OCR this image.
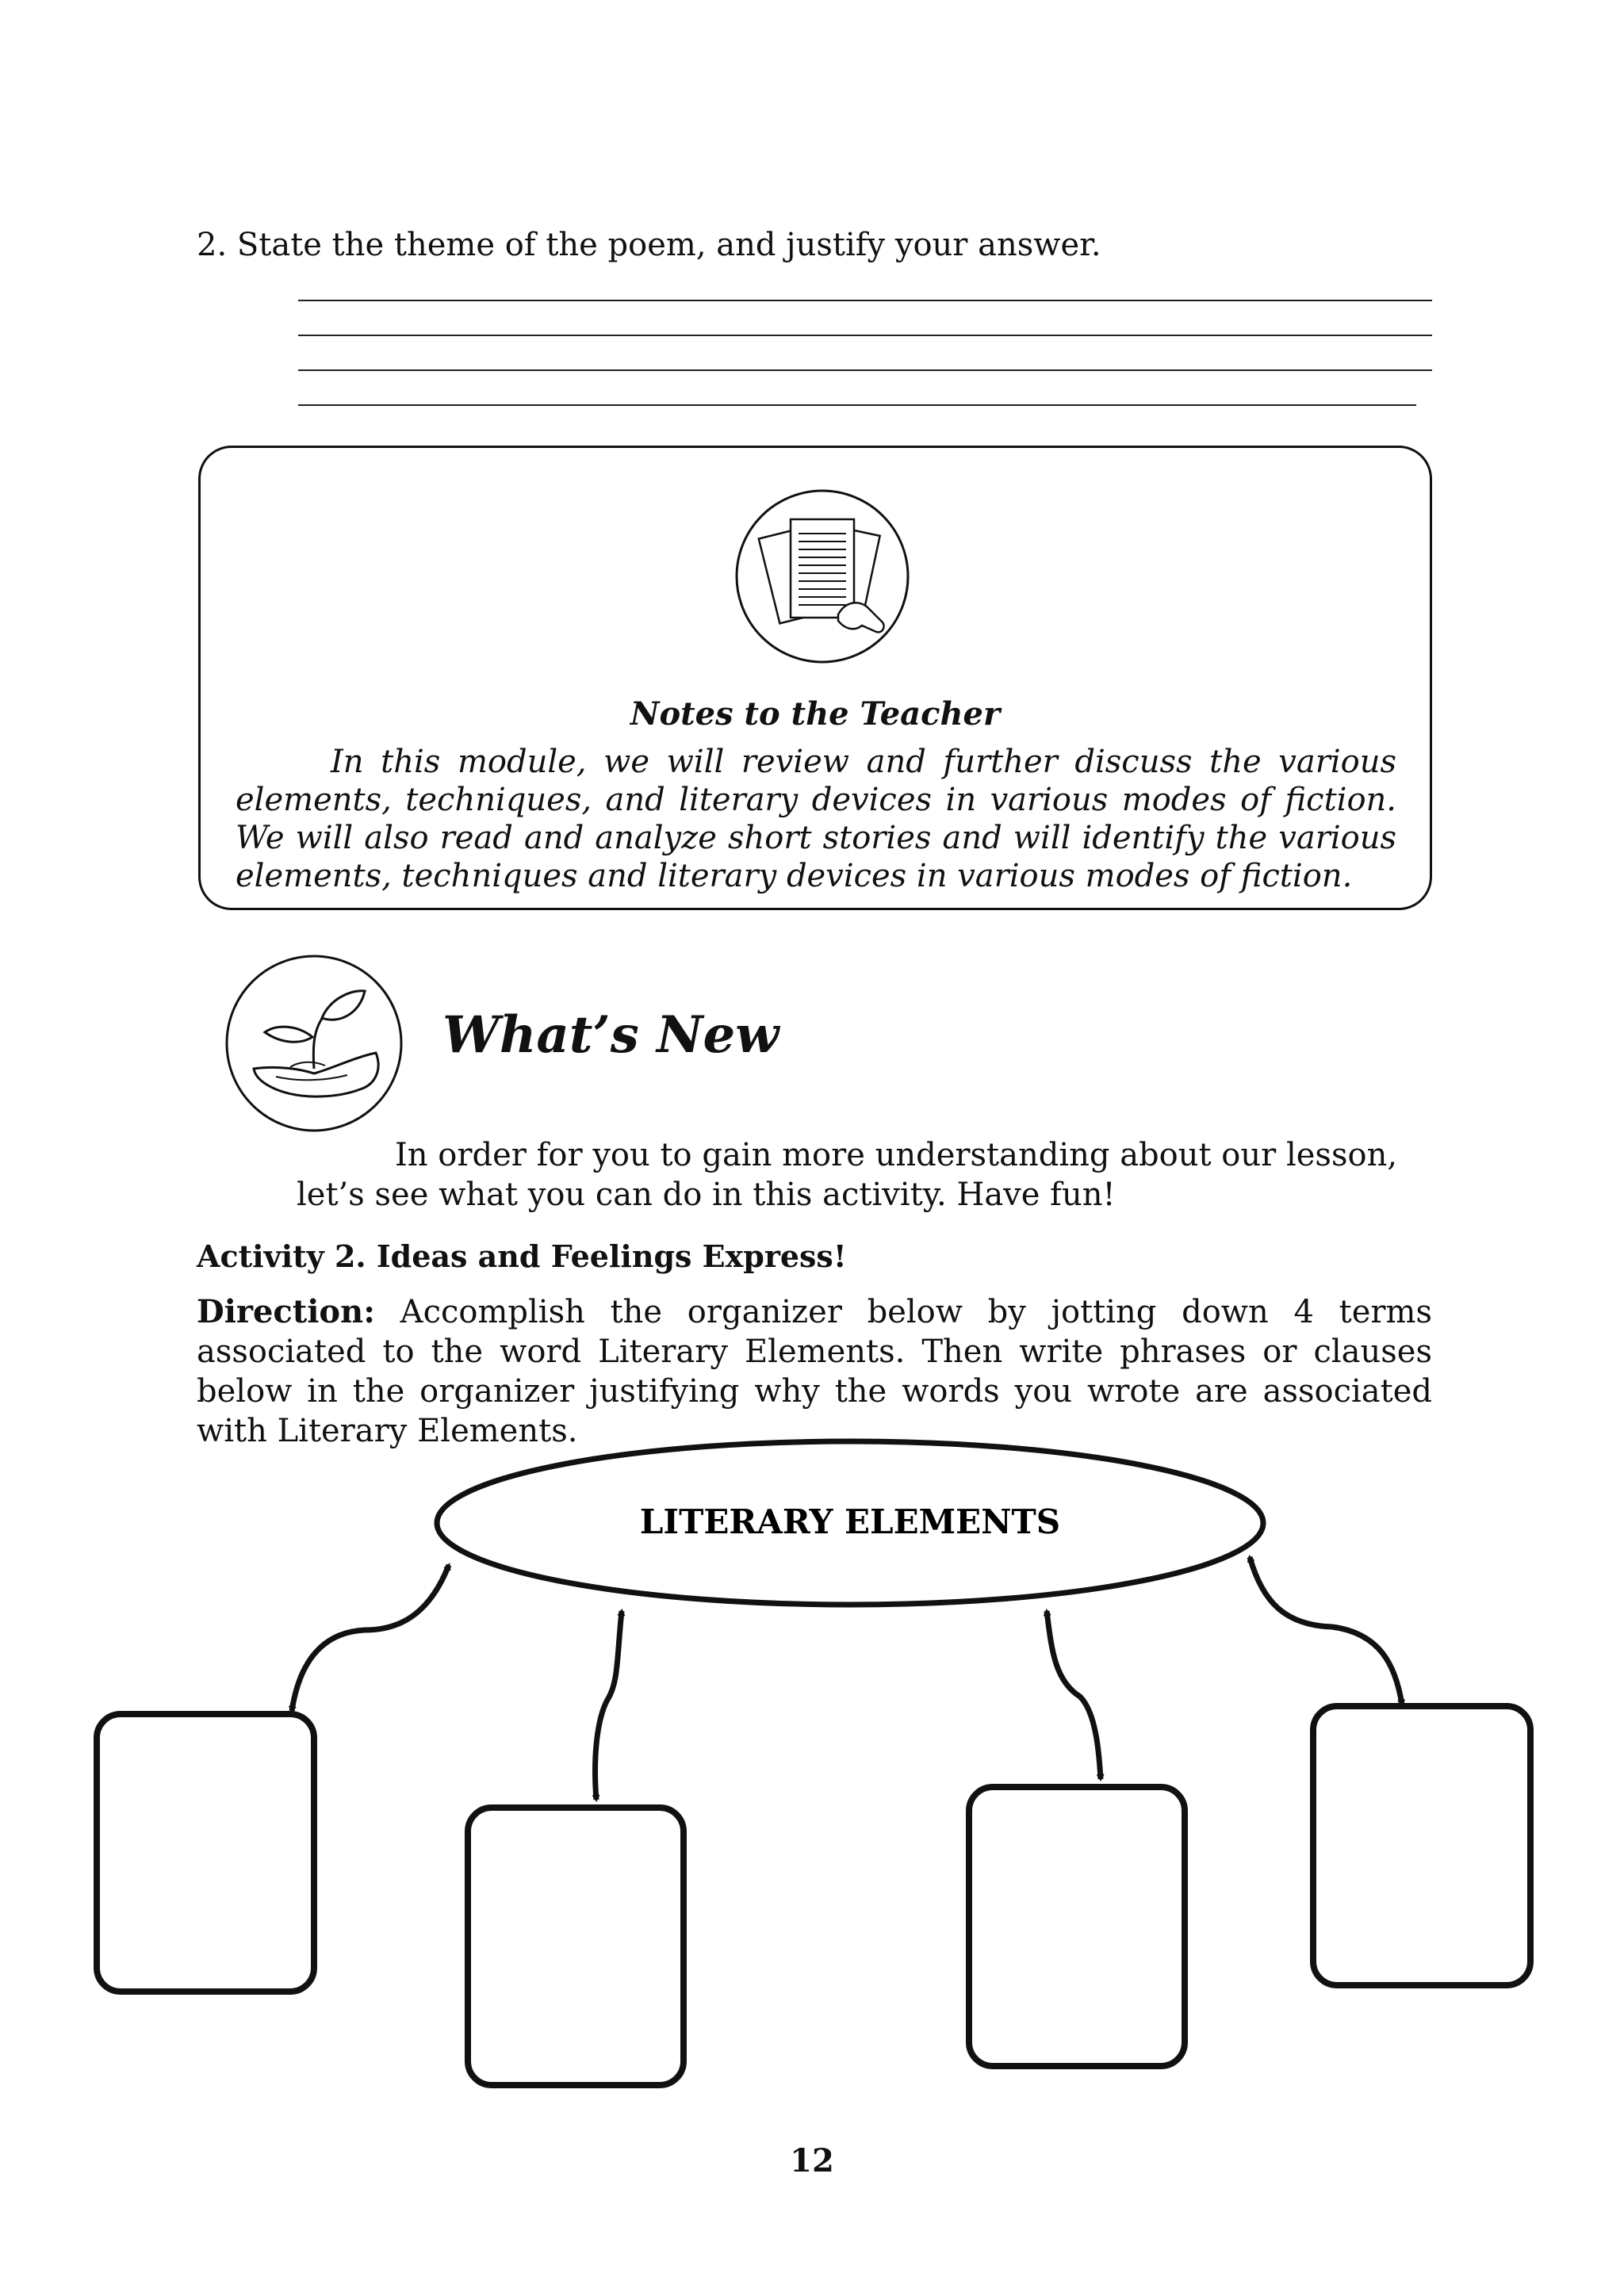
2. State the theme of the poem, and justify your answer.
Notes to the Teacher
In this module, we will review and further discuss the various elements, techniques, and literary devices in various modes of fiction. We will also read and analyze short stories and will identify the various elements, techniques and literary devices in various modes of fiction.
What’s New
In order for you to gain more understanding about our lesson, let’s see what you can do in this activity. Have fun!
Activity 2. Ideas and Feelings Express!
Direction: Accomplish the organizer below by jotting down 4 terms associated to the word Literary Elements. Then write phrases or clauses below in the organizer justifying why the words you wrote are associated with Literary Elements.
LITERARY ELEMENTS
12
